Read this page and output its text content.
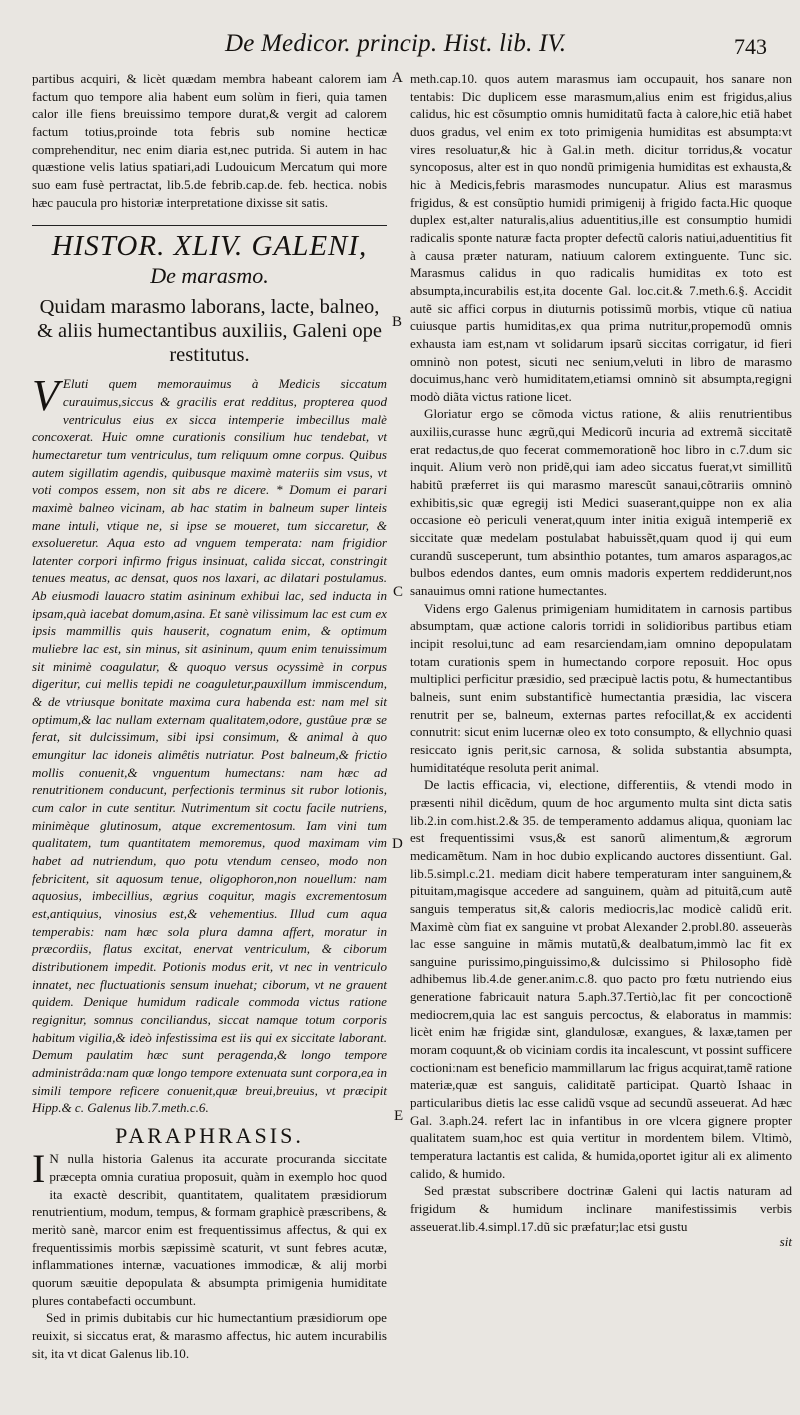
De Medicor. princip. Hist. lib. IV.	743
A
B
C
D
E

partibus acquiri, & licèt quædam membra habeant calorem iam factum quo tempore alia habent eum solùm in fieri, quia tamen calor ille fiens breuissimo tempore durat,& vergit ad calorem factum totius,proinde tota febris sub nomine hecticæ comprehenditur, nec enim diaria est,nec putrida. Si autem in hac quæstione velis latius spatiari,adi Ludouicum Mercatum qui more suo eam fusè pertractat, lib.5.de febrib.cap.de. feb. hectica. nobis hæc paucula pro historiæ interpretatione dixisse sit satis.

HISTOR. XLIV. GALENI,
De marasmo.
Quidam marasmo laborans, lacte, balneo, & aliis humectantibus auxiliis, Galeni ope restitutus.

V Eluti quem memorauimus à Medicis siccatum curauimus,siccus & gracilis erat redditus, propterea quod ventriculus eius ex sicca intemperie imbecillus malè concoxerat. Huic omne curationis consilium huc tendebat, vt humectaretur tum ventriculus, tum reliquum omne corpus. Quibus autem sigillatim agendis, quibusque maximè materiis sim vsus, vt voti compos essem, non sit abs re dicere. * Domum ei parari maximè balneo vicinam, ab hac statim in balneum super linteis mane intuli, vtique ne, si ipse se moueret, tum siccaretur, & exsolueretur. Aqua esto ad vnguem temperata: nam frigidior latenter corpori infirmo frigus insinuat, calida siccat, constringit tenues meatus, ac densat, quos nos laxari, ac dilatari postulamus. Ab eiusmodi lauacro statim asininum exhibui lac, sed inducta in ipsam,quà iacebat domum,asina. Et sanè vilissimum lac est cum ex ipsis mammillis quis hauserit, cognatum enim, & optimum muliebre lac est, sin minus, sit asininum, quum enim tenuissimum sit minimè coagulatur, & quoquo versus ocyssimè in corpus digeritur, cui mellis tepidi ne coaguletur,pauxillum immiscendum, & de vtriusque bonitate maxima cura habenda est: nam mel sit optimum,& lac nullam externam qualitatem,odore, gustûue præ se ferat, sit dulcissimum, sibi ipsi consimum, & animal à quo emungitur lac idoneis alimêtis nutriatur. Post balneum,& frictio mollis conuenit,& vnguentum humectans: nam hæc ad renutritionem conducunt, perfectionis terminus sit rubor lotionis, cum calor in cute sentitur. Nutrimentum sit coctu facile nutriens, minimèque glutinosum, atque excrementosum. Iam vini tum qualitatem, tum quantitatem memoremus, quod maximam vim habet ad nutriendum, quo potu vtendum censeo, modo non febricitent, sit aquosum tenue, oligophoron,non nouellum: nam aquosius, imbecillius, ægrius coquitur, magis excrementosum est,antiquius, vinosius est,& vehementius. Illud cum aqua temperabis: nam hæc sola plura damna affert, moratur in præcordiis, flatus excitat, enervat ventriculum, & ciborum distributionem impedit. Potionis modus erit, vt nec in ventriculo innatet, nec fluctuationis sensum inuehat; ciborum, vt ne grauent quidem. Denique humidum radicale commoda victus ratione regignitur, somnus conciliandus, siccat namque totum corporis habitum vigilia,& ideò infestissima est iis qui ex siccitate laborant. Demum paulatim hæc sunt peragenda,& longo tempore administrâda:nam quæ longo tempore extenuata sunt corpora,ea in simili tempore reficere conuenit,quæ breui,breuius, vt præcipit Hipp.& c. Galenus lib.7.meth.c.6.

PARAPHRASIS.

I N nulla historia Galenus ita accurate procuranda siccitate præcepta omnia curatiua proposuit, quàm in exemplo hoc quod ita exactè describit, quantitatem, qualitatem præsidiorum renutrientium, modum, tempus, & formam graphicè præscribens, & meritò sanè, marcor enim est frequentissimus affectus, & qui ex frequentissimis morbis sæpissimè scaturit, vt sunt febres acutæ, inflammationes internæ, vacuationes immodicæ, & alij morbi quorum sæuitie depopulata & absumpta primigenia humiditate plures contabefacti occumbunt.

Sed in primis dubitabis cur hic humectantium præsidiorum ope reuixit, si siccatus erat, & marasmo affectus, hic autem incurabilis sit, ita vt dicat Galenus lib.10.

meth.cap.10. quos autem marasmus iam occupauit, hos sanare non tentabis: Dic duplicem esse marasmum,alius enim est frigidus,alius calidus, hic est cõsumptio omnis humiditatũ facta à calore,hic etiã habet duos gradus, vel enim ex toto primigenia humiditas est absumpta:vt vires resoluatur,& hic à Gal.in meth. dicitur torridus,& vocatur syncoposus, alter est in quo nondũ primigenia humiditas est exhausta,& hic à Medicis,febris marasmodes nuncupatur. Alius est marasmus frigidus, & est consũptio humidi primigenij à frigido facta.Hic quoque duplex est,alter naturalis,alius aduentitius,ille est consumptio humidi radicalis sponte naturæ facta propter defectũ caloris natiui,aduentitius fit à causa præter naturam, natiuum calorem extinguente. Tunc sic. Marasmus calidus in quo radicalis humiditas ex toto est absumpta,incurabilis est,ita docente Gal. loc.cit.& 7.meth.6.§. Accidit autẽ sic affici corpus in diuturnis potissimũ morbis, vtique cũ natiua cuiusque partis humiditas,ex qua prima nutritur,propemodũ omnis exhausta iam est,nam vt solidarum ipsarũ siccitas corrigatur, id fieri omninò non potest, sicuti nec senium,veluti in libro de marasmo docuimus,hanc verò humiditatem,etiamsi omninò sit absumpta,regigni modò diãta victus ratione licet.

Gloriatur ergo se cõmoda victus ratione, & aliis renutrientibus auxiliis,curasse hunc ægrũ,qui Medicorũ incuria ad extremã siccitatẽ erat redactus,de quo fecerat commemorationẽ hoc libro in c.7.dum sic inquit. Alium verò non pridẽ,qui iam adeo siccatus fuerat,vt simillitũ habitũ præferret iis qui marasmo marescũt sanaui,cõtrariis omninò exhibitis,sic quæ egregij isti Medici suaserant,quippe non ex alia occasione eò periculi venerat,quum inter initia exiguã intemperiẽ ex siccitate quæ medelam postulabat habuissẽt,quam quod ij qui eum curandũ susceperunt, tum absinthio potantes, tum amaros asparagos,ac bulbos edendos dantes, eum omnis madoris expertem reddiderunt,nos sanauimus omni ratione humectantes.

Videns ergo Galenus primigeniam humiditatem in carnosis partibus absumptam, quæ actione caloris torridi in solidioribus partibus etiam incipit resolui,tunc ad eam resarciendam,iam omnino depopulatam totam curationis spem in humectando corpore reposuit. Hoc opus multiplici perficitur præsidio, sed præcipuè lactis potu, & humectantibus balneis, sunt enim substantificè humectantia præsidia, lac viscera renutrit per se, balneum, externas partes refocillat,& ex accidenti connutrit: sicut enim lucernæ oleo ex toto consumpto, & ellychnio quasi resiccato ignis perit,sic carnosa, & solida substantia absumpta, humiditatéque resoluta perit animal.

De lactis efficacia, vi, electione, differentiis, & vtendi modo in præsenti nihil dicẽdum, quum de hoc argumento multa sint dicta satis lib.2.in com.hist.2.& 35. de temperamento addamus aliqua, quoniam lac est frequentissimi vsus,& est sanorũ alimentum,& ægrorum medicamẽtum. Nam in hoc dubio explicando auctores dissentiunt. Gal. lib.5.simpl.c.21. mediam dicit habere temperaturam inter sanguinem,& pituitam,magisque accedere ad sanguinem, quàm ad pituitã,cum autẽ sanguis temperatus sit,& caloris mediocris,lac modicè calidũ erit. Maximè cùm fiat ex sanguine vt probat Alexander 2.probl.80. asseueràs lac esse sanguine in mãmis mutatũ,& dealbatum,immò lac fit ex sanguine purissimo,pinguissimo,& dulcissimo si Philosopho fidè adhibemus lib.4.de gener.anim.c.8. quo pacto pro fœtu nutriendo eius generatione fabricauit natura 5.aph.37.Tertiò,lac fit per concoctionẽ mediocrem,quia lac est sanguis percoctus, & elaboratus in mammis: licèt enim hæ frigidæ sint, glandulosæ, exangues, & laxæ,tamen per moram coquunt,& ob viciniam cordis ita incalescunt, vt possint sufficere coctioni:nam est beneficio mammillarum lac frigus acquirat,tamẽ ratione materiæ,quæ est sanguis, caliditatẽ participat. Quartò Ishaac in particularibus dietis lac esse calidũ vsque ad secundũ asseuerat. Ad hæc Gal. 3.aph.24. refert lac in infantibus in ore vlcera gignere propter qualitatem suam,hoc est quia vertitur in mordentem bilem. Vltimò, temperatura lactantis est calida, & humida,oportet igitur ali ex alimento calido, & humido.

Sed præstat subscribere doctrinæ Galeni qui lactis naturam ad frigidum & humidum inclinare manifestissimis verbis asseuerat.lib.4.simpl.17.dũ sic præfatur;lac etsi gustu

sit
